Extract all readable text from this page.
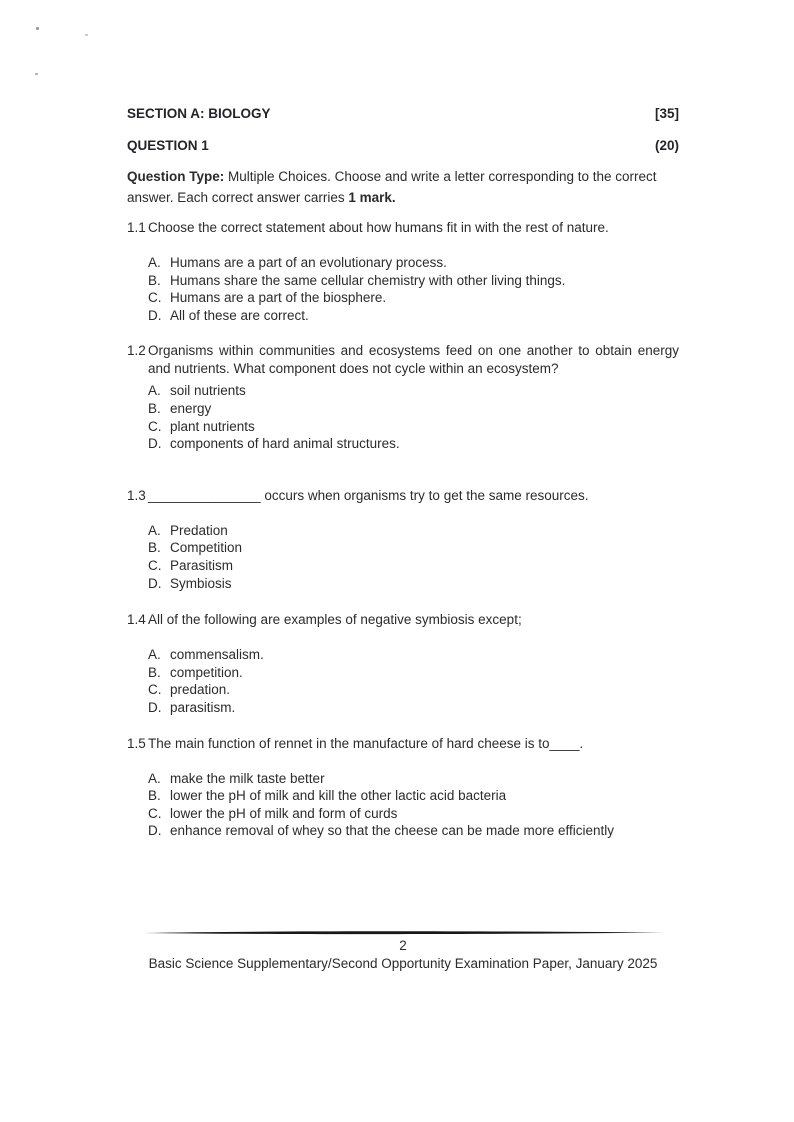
SECTION A: BIOLOGY	[35]
QUESTION 1	(20)

Question Type: Multiple Choices. Choose and write a letter corresponding to the correct answer. Each correct answer carries 1 mark.

1.1 Choose the correct statement about how humans fit in with the rest of nature.
A. Humans are a part of an evolutionary process.
B. Humans share the same cellular chemistry with other living things.
C. Humans are a part of the biosphere.
D. All of these are correct.
1.2 Organisms within communities and ecosystems feed on one another to obtain energy and nutrients. What component does not cycle within an ecosystem?
A. soil nutrients
B. energy
C. plant nutrients
D. components of hard animal structures.
1.3 _______________ occurs when organisms try to get the same resources.
A. Predation
B. Competition
C. Parasitism
D. Symbiosis
1.4 All of the following are examples of negative symbiosis except;
A. commensalism.
B. competition.
C. predation.
D. parasitism.
1.5 The main function of rennet in the manufacture of hard cheese is to____.
A. make the milk taste better
B. lower the pH of milk and kill the other lactic acid bacteria
C. lower the pH of milk and form of curds
D. enhance removal of whey so that the cheese can be made more efficiently
2
Basic Science Supplementary/Second Opportunity Examination Paper, January 2025
